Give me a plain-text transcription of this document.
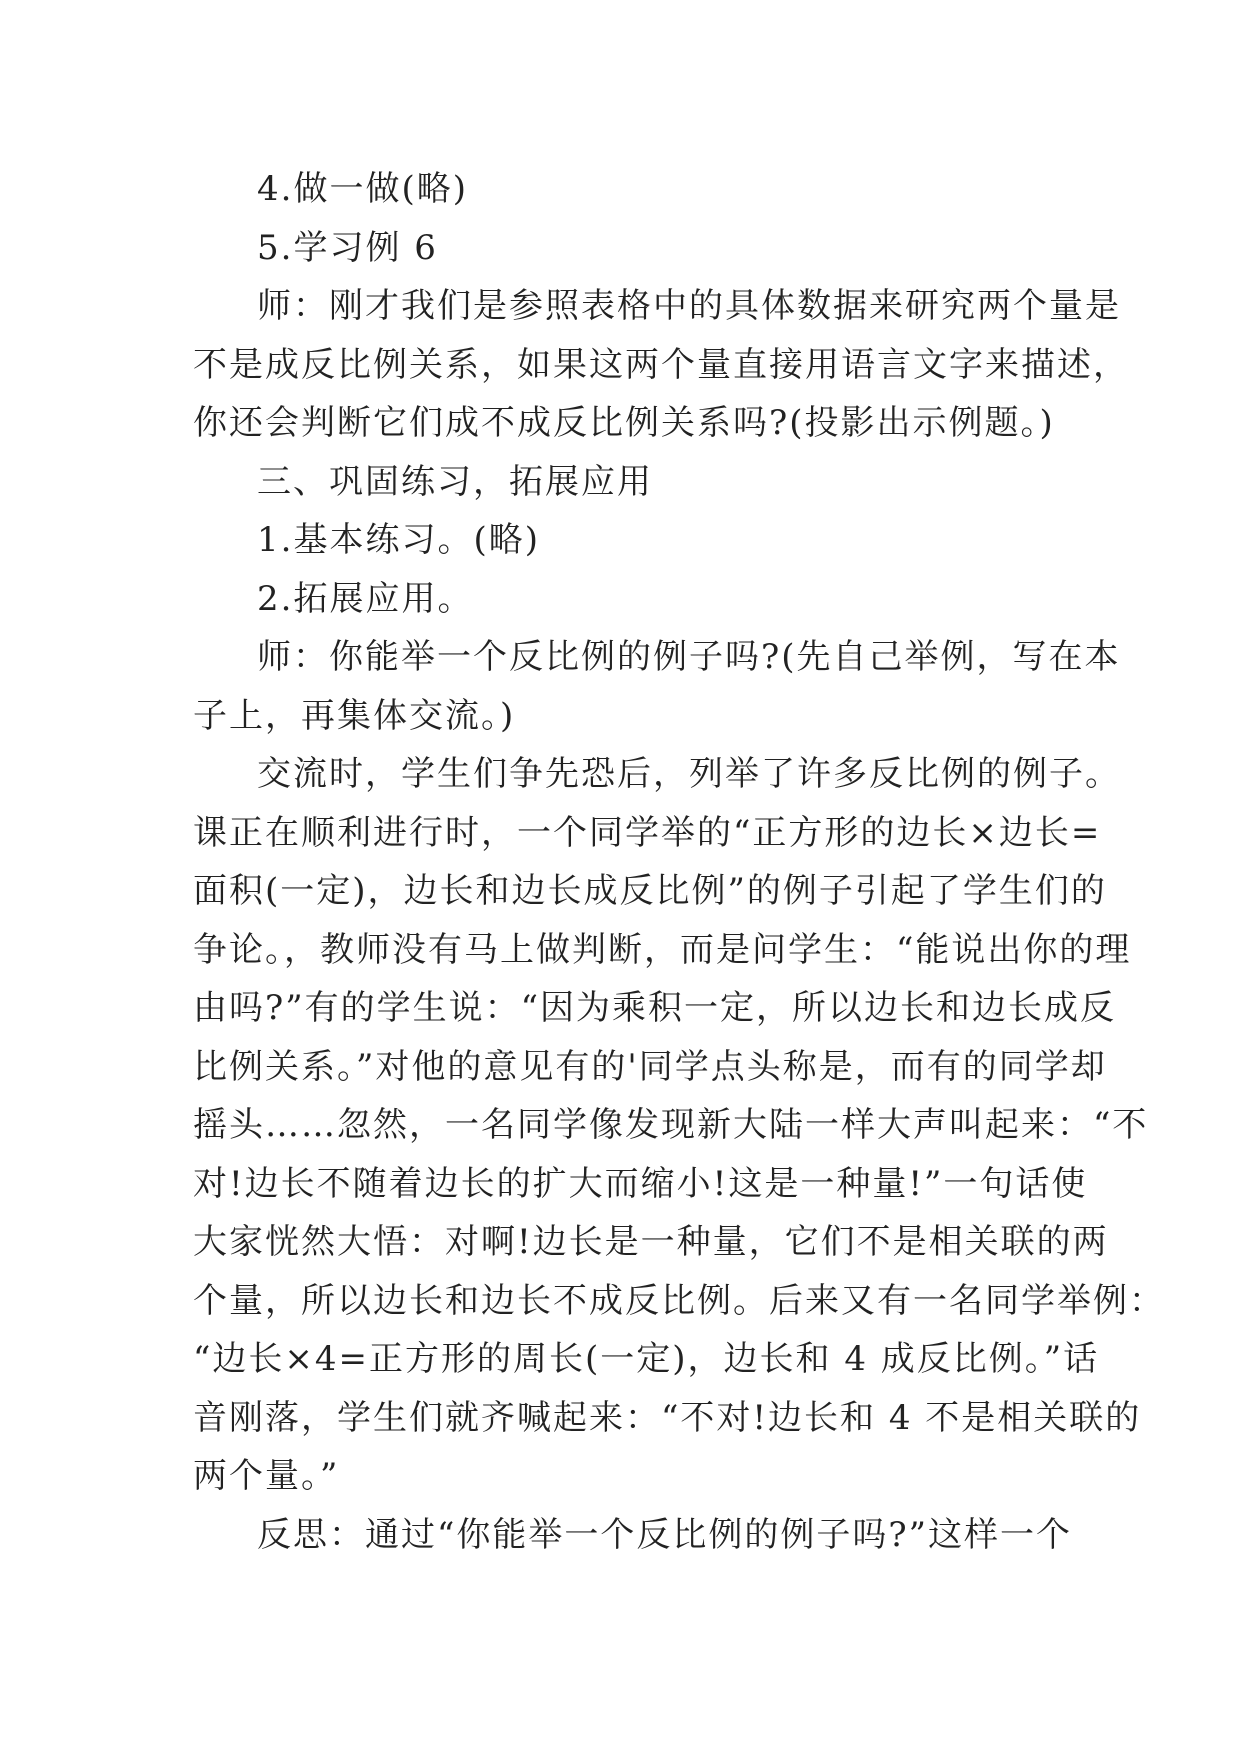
4.做一做(略)
5.学习例 6
师：刚才我们是参照表格中的具体数据来研究两个量是
不是成反比例关系，如果这两个量直接用语言文字来描述，
你还会判断它们成不成反比例关系吗?(投影出示例题。)
三、巩固练习，拓展应用
1.基本练习。(略)
2.拓展应用。
师：你能举一个反比例的例子吗?(先自己举例，写在本
子上，再集体交流。)
交流时，学生们争先恐后，列举了许多反比例的例子。
课正在顺利进行时，一个同学举的“正方形的边长×边长=
面积(一定)，边长和边长成反比例”的例子引起了学生们的
争论。，教师没有马上做判断，而是问学生：“能说出你的理
由吗?”有的学生说：“因为乘积一定，所以边长和边长成反
比例关系。”对他的意见有的'同学点头称是，而有的同学却
摇头……忽然，一名同学像发现新大陆一样大声叫起来：“不
对!边长不随着边长的扩大而缩小!这是一种量!”一句话使
大家恍然大悟：对啊!边长是一种量，它们不是相关联的两
个量，所以边长和边长不成反比例。后来又有一名同学举例：
“边长×4=正方形的周长(一定)，边长和 4 成反比例。”话
音刚落，学生们就齐喊起来：“不对!边长和 4 不是相关联的
两个量。”
反思：通过“你能举一个反比例的例子吗?”这样一个
